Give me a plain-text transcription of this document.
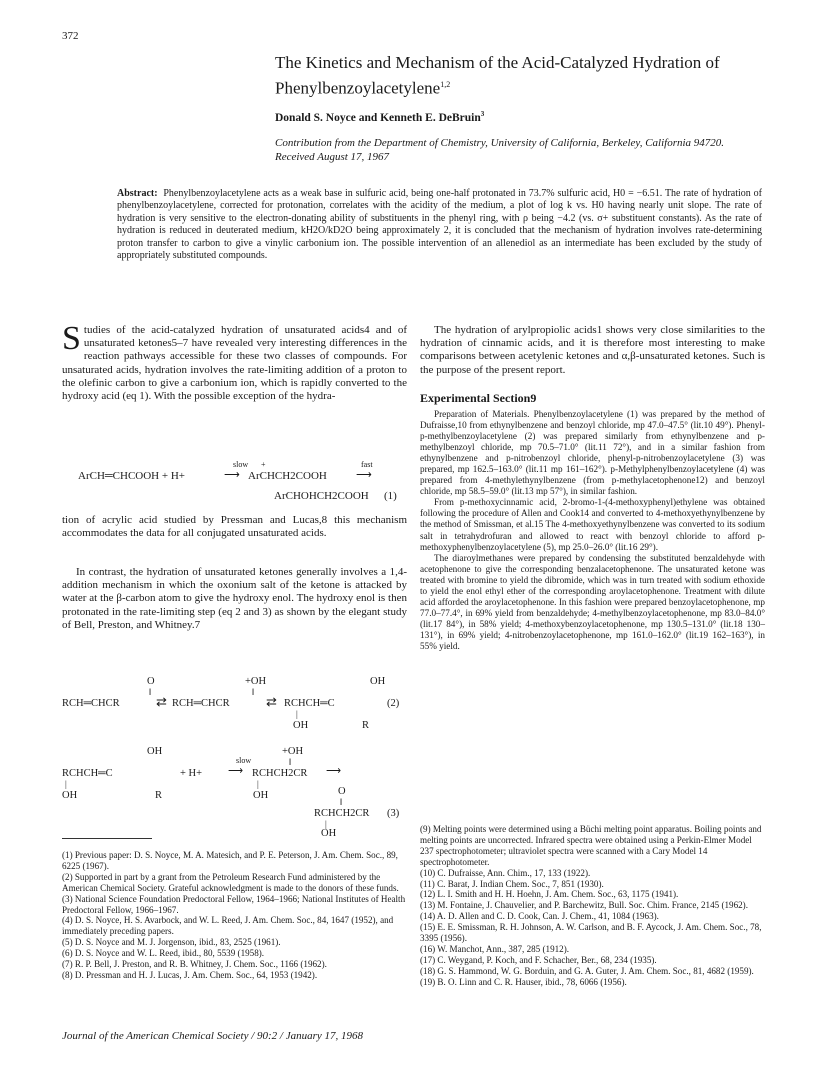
372
The Kinetics and Mechanism of the Acid-Catalyzed Hydration of Phenylbenzoylacetylene$^{1,2}$
Donald S. Noyce and Kenneth E. DeBruin$^3$
Contribution from the Department of Chemistry, University of California, Berkeley, California 94720. Received August 17, 1967
Abstract: Phenylbenzoylacetylene acts as a weak base in sulfuric acid, being one-half protonated in 73.7% sulfuric acid, H0 = −6.51. The rate of hydration of phenylbenzoylacetylene, corrected for protonation, correlates with the acidity of the medium, a plot of log k vs. H0 having nearly unit slope. The rate of hydration is very sensitive to the electron-donating ability of substituents in the phenyl ring, with ρ being −4.2 (vs. σ+ substituent constants). As the rate of hydration is reduced in deuterated medium, kH2O/kD2O being approximately 2, it is concluded that the mechanism of hydration involves rate-determining proton transfer to carbon to give a vinylic carbonium ion. The possible intervention of an allenediol as an intermediate has been excluded by the study of appropriately substituted compounds.
Studies of the acid-catalyzed hydration of unsaturated acids4 and of unsaturated ketones5–7 have revealed very interesting differences in the reaction pathways accessible for these two classes of compounds. For unsaturated acids, hydration involves the rate-limiting addition of a proton to the olefinic carbon to give a carbonium ion, which is rapidly converted to the hydroxy acid (eq 1). With the possible exception of the hydra-
slow +	fast
ArCH═CHCOOH + H+	⟶ ArCHCH2COOH	⟶
ArCHOHCH2COOH (1)
tion of acrylic acid studied by Pressman and Lucas,8 this mechanism accommodates the data for all conjugated unsaturated acids.
In contrast, the hydration of unsaturated ketones generally involves a 1,4-addition mechanism in which the oxonium salt of the ketone is attacked by water at the β-carbon atom to give the hydroxy enol. The hydroxy enol is then protonated in the rate-limiting step (eq 2 and 3) as shown by the elegant study of Bell, Preston, and Whitney.7
O
‖
+OH
‖
OH
RCH═CHCR	⇄ RCH═CHCR	⇄ RCHCH═C	(2)
|
OH	R
OH	+OH
slow	‖
RCHCH═C	+ H+ ⟶ RCHCH2CR ⟶
|
OH	R
|
OH	O
‖
RCHCH2CR (3)
|
OH

(1) Previous paper: D. S. Noyce, M. A. Matesich, and P. E. Peterson, J. Am. Chem. Soc., 89, 6225 (1967).

(2) Supported in part by a grant from the Petroleum Research Fund administered by the American Chemical Society. Grateful acknowledgment is made to the donors of these funds.

(3) National Science Foundation Predoctoral Fellow, 1964–1966; National Institutes of Health Predoctoral Fellow, 1966–1967.

(4) D. S. Noyce, H. S. Avarbock, and W. L. Reed, J. Am. Chem. Soc., 84, 1647 (1952), and immediately preceding papers.

(5) D. S. Noyce and M. J. Jorgenson, ibid., 83, 2525 (1961).

(6) D. S. Noyce and W. L. Reed, ibid., 80, 5539 (1958).

(7) R. P. Bell, J. Preston, and R. B. Whitney, J. Chem. Soc., 1166 (1962).

(8) D. Pressman and H. J. Lucas, J. Am. Chem. Soc., 64, 1953 (1942).

The hydration of arylpropiolic acids1 shows very close similarities to the hydration of cinnamic acids, and it is therefore most interesting to make comparisons between acetylenic ketones and α,β-unsaturated ketones. Such is the purpose of the present report.
Experimental Section9

Preparation of Materials. Phenylbenzoylacetylene (1) was prepared by the method of Dufraisse,10 from ethynylbenzene and benzoyl chloride, mp 47.0–47.5° (lit.10 49°). Phenyl-p-methylbenzoylacetylene (2) was prepared similarly from ethynylbenzene and p-methylbenzoyl chloride, mp 70.5–71.0° (lit.11 72°), and in a similar fashion from ethynylbenzene and p-nitrobenzoyl chloride, phenyl-p-nitrobenzoylacetylene (3) was prepared, mp 162.5–163.0° (lit.11 mp 161–162°). p-Methylphenylbenzoylacetylene (4) was prepared from 4-methylethynylbenzene (from p-methylacetophenone12) and benzoyl chloride, mp 58.5–59.0° (lit.13 mp 57°), in similar fashion.

From p-methoxycinnamic acid, 2-bromo-1-(4-methoxyphenyl)ethylene was obtained following the procedure of Allen and Cook14 and converted to 4-methoxyethynylbenzene by the method of Smissman, et al.15 The 4-methoxyethynylbenzene was converted to its sodium salt in tetrahydrofuran and allowed to react with benzoyl chloride to afford p-methoxyphenylbenzoylacetylene (5), mp 25.0–26.0° (lit.16 29°).

The diaroylmethanes were prepared by condensing the substituted benzaldehyde with acetophenone to give the corresponding benzalacetophenone. The unsaturated ketone was treated with bromine to yield the dibromide, which was in turn treated with sodium ethoxide to yield the enol ethyl ether of the corresponding aroylacetophenone. Treatment with dilute acid afforded the aroylacetophenone. In this fashion were prepared benzoylacetophenone, mp 77.0–77.4°, in 69% yield from benzaldehyde; 4-methylbenzoylacetophenone, mp 83.0–84.0° (lit.17 84°), in 58% yield; 4-methoxybenzoylacetophenone, mp 130.5–131.0° (lit.18 130–131°), in 69% yield; 4-nitrobenzoylacetophenone, mp 161.0–162.0° (lit.19 162–163°), in 55% yield.

(9) Melting points were determined using a Büchi melting point apparatus. Boiling points and melting points are uncorrected. Infrared spectra were obtained using a Perkin-Elmer Model 237 spectrophotometer; ultraviolet spectra were scanned with a Cary Model 14 spectrophotometer.

(10) C. Dufraisse, Ann. Chim., 17, 133 (1922).

(11) C. Barat, J. Indian Chem. Soc., 7, 851 (1930).

(12) L. I. Smith and H. H. Hoehn, J. Am. Chem. Soc., 63, 1175 (1941).

(13) M. Fontaine, J. Chauvelier, and P. Barchewitz, Bull. Soc. Chim. France, 2145 (1962).

(14) A. D. Allen and C. D. Cook, Can. J. Chem., 41, 1084 (1963).

(15) E. E. Smissman, R. H. Johnson, A. W. Carlson, and B. F. Aycock, J. Am. Chem. Soc., 78, 3395 (1956).

(16) W. Manchot, Ann., 387, 285 (1912).

(17) C. Weygand, P. Koch, and F. Schacher, Ber., 68, 234 (1935).

(18) G. S. Hammond, W. G. Borduin, and G. A. Guter, J. Am. Chem. Soc., 81, 4682 (1959).

(19) B. O. Linn and C. R. Hauser, ibid., 78, 6066 (1956).

Journal of the American Chemical Society / 90:2 / January 17, 1968
